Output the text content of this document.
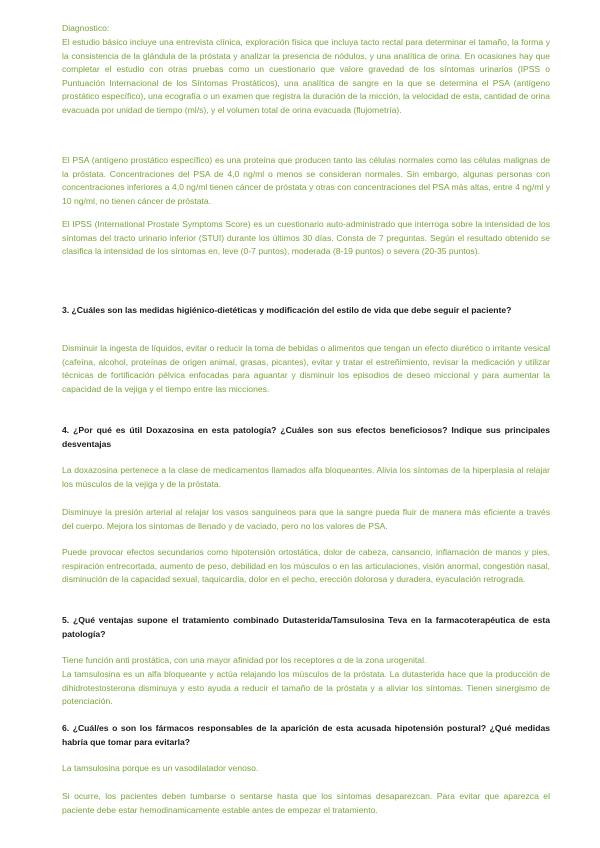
Diagnostico:

El estudio básico incluye una entrevista clínica, exploración física que incluya tacto rectal para determinar el tamaño, la forma y la consistencia de la glándula de la próstata y analizar la presencia de nódulos, y una analítica de orina. En ocasiones hay que completar el estudio con otras pruebas como un cuestionario que valore gravedad de los síntomas urinarios (IPSS o Puntuación Internacional de los Síntomas Prostáticos), una analítica de sangre en la que se determina el PSA (antígeno prostático específico), una ecografía o un examen que registra la duración de la micción, la velocidad de esta, cantidad de orina evacuada por unidad de tiempo (ml/s), y el volumen total de orina evacuada (flujometría).

El PSA (antígeno prostático específico) es una proteína que producen tanto las células normales como las células malignas de la próstata. Concentraciones del PSA de 4,0 ng/ml o menos se consideran normales. Sin embargo, algunas personas con concentraciones inferiores a 4,0 ng/ml tienen cáncer de próstata y otras con concentraciones del PSA más altas, entre 4 ng/ml y 10 ng/ml, no tienen cáncer de próstata.

El IPSS (International Prostate Symptoms Score) es un cuestionario auto-administrado que interroga sobre la intensidad de los síntomas del tracto urinario inferior (STUI) durante los últimos 30 días. Consta de 7 preguntas. Según el resultado obtenido se clasifica la intensidad de los síntomas en, leve (0-7 puntos), moderada (8-19 puntos) o severa (20-35 puntos).

3. ¿Cuáles son las medidas higiénico-dietéticas y modificación del estilo de vida que debe seguir el paciente?

Disminuir la ingesta de líquidos, evitar o reducir la toma de bebidas o alimentos que tengan un efecto diurético o irritante vesical (cafeína, alcohol, proteínas de origen animal, grasas, picantes), evitar y tratar el estreñimiento, revisar la medicación y utilizar técnicas de fortificación pélvica enfocadas para aguantar y disminuir los episodios de deseo miccional y para aumentar la capacidad de la vejiga y el tiempo entre las micciones.

4. ¿Por qué es útil Doxazosina en esta patología? ¿Cuáles son sus efectos beneficiosos? Indique sus principales desventajas

La doxazosina pertenece a la clase de medicamentos llamados alfa bloqueantes. Alivia los síntomas de la hiperplasia al relajar los músculos de la vejiga y de la próstata.

Disminuye la presión arterial al relajar los vasos sanguíneos para que la sangre pueda fluir de manera más eficiente a través del cuerpo. Mejora los síntomas de llenado y de vaciado, pero no los valores de PSA.

Puede provocar efectos secundarios como hipotensión ortostática, dolor de cabeza, cansancio, inflamación de manos y pies, respiración entrecortada, aumento de peso, debilidad en los músculos o en las articulaciones, visión anormal, congestión nasal, disminución de la capacidad sexual, taquicardia, dolor en el pecho, erección dolorosa y duradera, eyaculación retrograda.

5. ¿Qué ventajas supone el tratamiento combinado Dutasterida/Tamsulosina Teva en la farmacoterapéutica de esta patología?

Tiene función anti prostática, con una mayor afinidad por los receptores α de la zona urogenital.

La tamsulosina es un alfa bloqueante y actúa relajando los músculos de la próstata. La dutasterida hace que la producción de dihidrotestosterona disminuya y esto ayuda a reducir el tamaño de la próstata y a aliviar los síntomas. Tienen sinergismo de potenciación.

6. ¿Cuál/es o son los fármacos responsables de la aparición de esta acusada hipotensión postural? ¿Qué medidas habría que tomar para evitarla?

La tamsulosina porque es un vasodilatador venoso.

Si ocurre, los pacientes deben tumbarse o sentarse hasta que los síntomas desaparezcan. Para evitar que aparezca el paciente debe estar hemodinamicamente estable antes de empezar el tratamiento.
